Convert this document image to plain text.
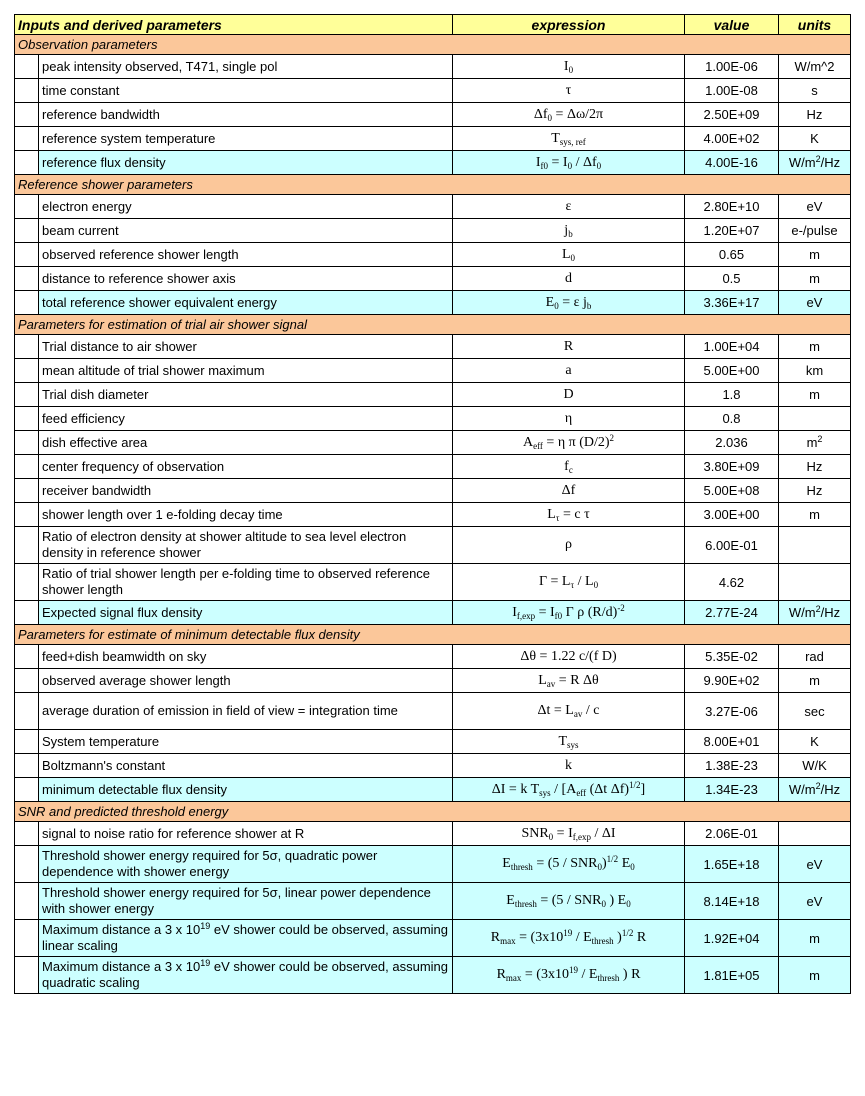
Inputs and derived parameters		expression	value	units
Observation parameters				
	peak intensity observed, T471, single pol	$I_0$	1.00E-06	W/m^2
	time constant	τ	1.00E-08	s
	reference bandwidth	$\Delta f_0 = \Delta\omega/2\pi$	2.50E+09	Hz
	reference system temperature	$T_{sys, ref}$	4.00E+02	K
	reference flux density	$I_{f0} = I_0 / \Delta f_0$	4.00E-16	$W/m^2/Hz$
Reference shower parameters				
	electron energy	ε	2.80E+10	eV
	beam current	$j_b$	1.20E+07	e-/pulse
	observed reference shower length	$L_0$	0.65	m
	distance to reference shower axis	d	0.5	m
	total reference shower equivalent energy	$E_0 = \varepsilon$ $j_b$	3.36E+17	eV
Parameters for estimation of trial air shower signal				
	Trial distance to air shower	R	1.00E+04	m
	mean altitude of trial shower maximum	a	5.00E+00	km
	Trial dish diameter	D	1.8	m
	feed efficiency	η	0.8	
	dish effective area	$A_{eff} = \eta$ π $(D/2)^2$	2.036	$m^2$
	center frequency of observation	$f_c$	3.80E+09	Hz
	receiver bandwidth	Δf	5.00E+08	Hz
	shower length over 1 e-folding decay time	$L_\tau = c$ τ	3.00E+00	m
	Ratio of electron density at shower altitude to sea level electron density in reference shower	ρ	6.00E-01	
	Ratio of trial shower length per e-folding time to observed reference shower length	$\Gamma = L_\tau / L_0$	4.62	
	Expected signal flux density	$I_{f,exp} = I_{f0}$ Γ ρ $(R/d)^{-2}$	2.77E-24	$W/m^2/Hz$
Parameters for estimate of minimum detectable flux density				
	feed+dish beamwidth on sky	Δθ = 1.22 c/(f D)	5.35E-02	rad
	observed average shower length	$L_{av} = R$ Δθ	9.90E+02	m
	average duration of emission in field of view = integration time	$\Delta t = L_{av} / c$	3.27E-06	sec
	System temperature	$T_{sys}$	8.00E+01	K
	Boltzmann's constant	k	1.38E-23	W/K
	minimum detectable flux density	ΔI = k $T_{sys} / [A_{eff}$ (Δt Δf)$^{1/2}$]	1.34E-23	$W/m^2/Hz$
SNR and predicted threshold energy				
	signal to noise ratio for reference shower at R	$SNR_0 = I_{f,exp} / \Delta I$	2.06E-01	
	Threshold shower energy required for 5σ, quadratic power dependence with shower energy	$E_{thresh} = (5 / SNR_0)^{1/2}$ $E_0$	1.65E+18	eV
	Threshold shower energy required for 5σ, linear power dependence with shower energy	$E_{thresh} = (5 / SNR_0$ ) $E_0$	8.14E+18	eV
	Maximum distance a 3 x $10^{19}$ eV shower could be observed, assuming linear scaling	$R_{max} = (3x10^{19} / E_{thresh}$ )$^{1/2}$ R	1.92E+04	m
	Maximum distance a 3 x $10^{19}$ eV shower could be observed, assuming quadratic scaling	$R_{max} = (3x10^{19} / E_{thresh}$ ) R	1.81E+05	m
